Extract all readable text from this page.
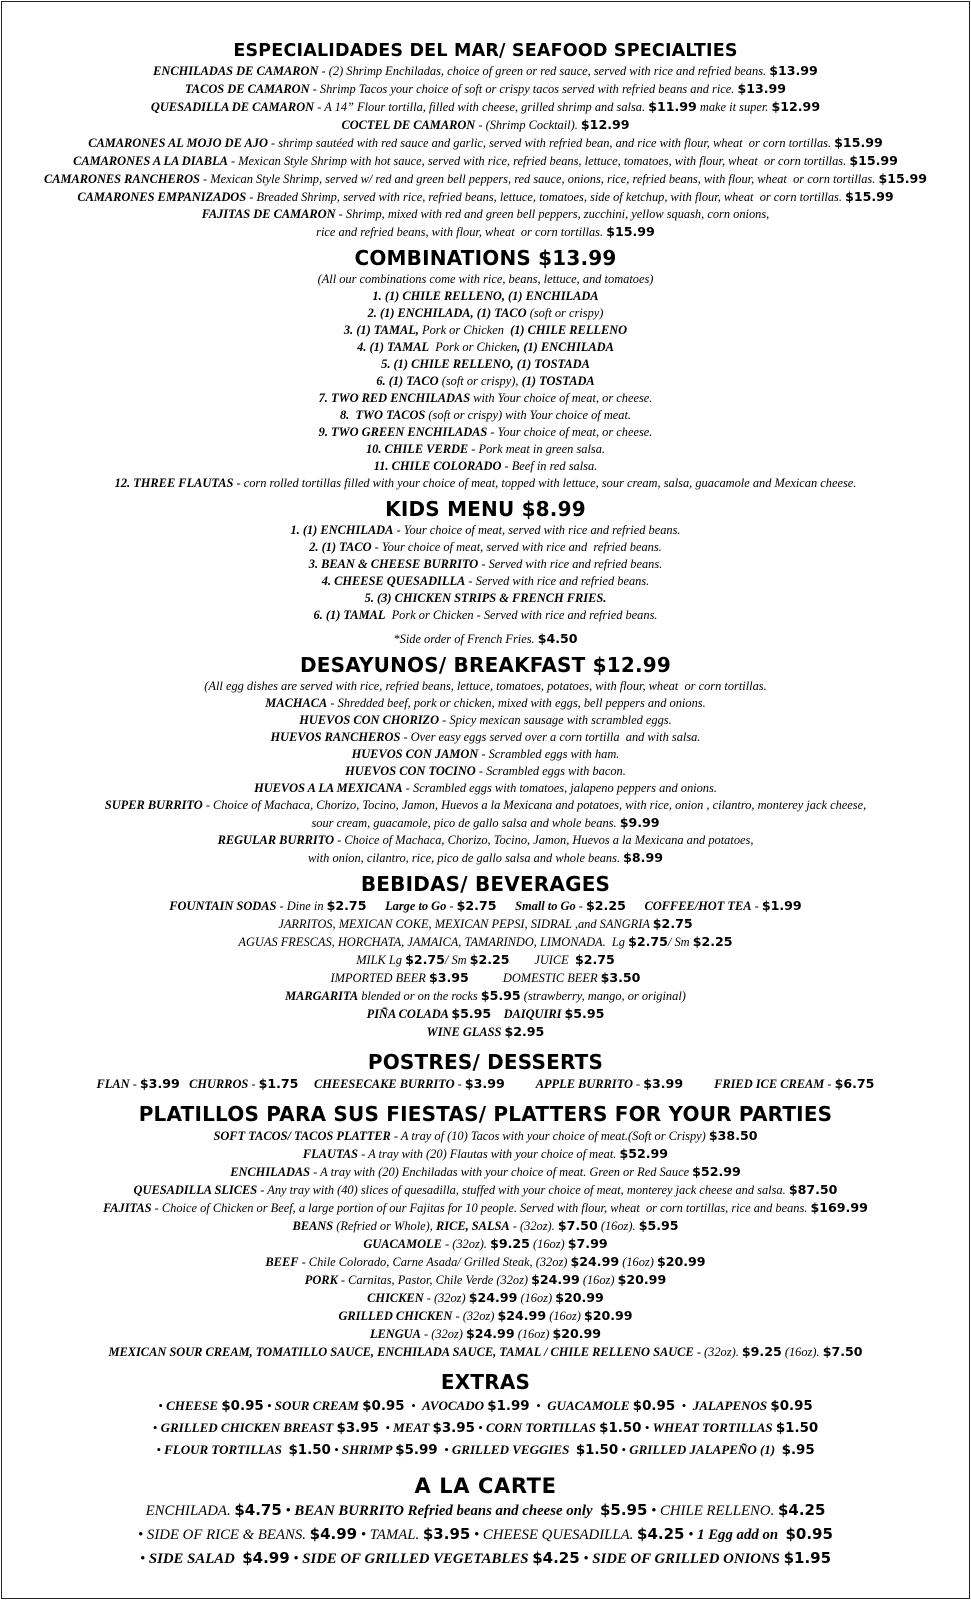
ESPECIALIDADES DEL MAR/ SEAFOOD SPECIALTIES

ENCHILADAS DE CAMARON - (2) Shrimp Enchiladas, choice of green or red sauce, served with rice and refried beans. $13.99

TACOS DE CAMARON - Shrimp Tacos your choice of soft or crispy tacos served with refried beans and rice. $13.99

QUESADILLA DE CAMARON - A 14” Flour tortilla, filled with cheese, grilled shrimp and salsa. $11.99 make it super. $12.99

COCTEL DE CAMARON - (Shrimp Cocktail). $12.99

CAMARONES AL MOJO DE AJO - shrimp sautéed with red sauce and garlic, served with refried bean, and rice with flour, wheat  or corn tortillas. $15.99

CAMARONES A LA DIABLA - Mexican Style Shrimp with hot sauce, served with rice, refried beans, lettuce, tomatoes, with flour, wheat  or corn tortillas. $15.99

CAMARONES RANCHEROS - Mexican Style Shrimp, served w/ red and green bell peppers, red sauce, onions, rice, refried beans, with flour, wheat  or corn tortillas. $15.99

CAMARONES EMPANIZADOS - Breaded Shrimp, served with rice, refried beans, lettuce, tomatoes, side of ketchup, with flour, wheat  or corn tortillas. $15.99

FAJITAS DE CAMARON - Shrimp, mixed with red and green bell peppers, zucchini, yellow squash, corn onions,

rice and refried beans, with flour, wheat  or corn tortillas. $15.99

COMBINATIONS $13.99

(All our combinations come with rice, beans, lettuce, and tomatoes)

1. (1) CHILE RELLENO, (1) ENCHILADA

2. (1) ENCHILADA, (1) TACO (soft or crispy)

3. (1) TAMAL, Pork or Chicken  (1) CHILE RELLENO

4. (1) TAMAL  Pork or Chicken, (1) ENCHILADA

5. (1) CHILE RELLENO, (1) TOSTADA

6. (1) TACO (soft or crispy), (1) TOSTADA

7. TWO RED ENCHILADAS with Your choice of meat, or cheese.

8.  TWO TACOS (soft or crispy) with Your choice of meat.

9. TWO GREEN ENCHILADAS - Your choice of meat, or cheese.

10. CHILE VERDE - Pork meat in green salsa.

11. CHILE COLORADO - Beef in red salsa.

12. THREE FLAUTAS - corn rolled tortillas filled with your choice of meat, topped with lettuce, sour cream, salsa, guacamole and Mexican cheese.

KIDS MENU $8.99

1. (1) ENCHILADA - Your choice of meat, served with rice and refried beans.

2. (1) TACO - Your choice of meat, served with rice and  refried beans.

3. BEAN & CHEESE BURRITO - Served with rice and refried beans.

4. CHEESE QUESADILLA - Served with rice and refried beans.

5. (3) CHICKEN STRIPS & FRENCH FRIES.

6. (1) TAMAL  Pork or Chicken - Served with rice and refried beans.

*Side order of French Fries. $4.50

DESAYUNOS/ BREAKFAST $12.99

(All egg dishes are served with rice, refried beans, lettuce, tomatoes, potatoes, with flour, wheat  or corn tortillas.

MACHACA - Shredded beef, pork or chicken, mixed with eggs, bell peppers and onions.

HUEVOS CON CHORIZO - Spicy mexican sausage with scrambled eggs.

HUEVOS RANCHEROS - Over easy eggs served over a corn tortilla  and with salsa.

HUEVOS CON JAMON - Scrambled eggs with ham.

HUEVOS CON TOCINO - Scrambled eggs with bacon.

HUEVOS A LA MEXICANA - Scrambled eggs with tomatoes, jalapeno peppers and onions.

SUPER BURRITO - Choice of Machaca, Chorizo, Tocino, Jamon, Huevos a la Mexicana and potatoes, with rice, onion , cilantro, monterey jack cheese,

sour cream, guacamole, pico de gallo salsa and whole beans. $9.99

REGULAR BURRITO - Choice of Machaca, Chorizo, Tocino, Jamon, Huevos a la Mexicana and potatoes,

with onion, cilantro, rice, pico de gallo salsa and whole beans. $8.99

BEBIDAS/ BEVERAGES

FOUNTAIN SODAS - Dine in $2.75 Large to Go - $2.75 Small to Go - $2.25 COFFEE/HOT TEA - $1.99

JARRITOS, MEXICAN COKE, MEXICAN PEPSI, SIDRAL ,and SANGRIA $2.75

AGUAS FRESCAS, HORCHATA, JAMAICA, TAMARINDO, LIMONADA.  Lg $2.75/ Sm $2.25

MILK Lg $2.75/ Sm $2.25        JUICE  $2.75

IMPORTED BEER $3.95           DOMESTIC BEER $3.50

MARGARITA blended or on the rocks $5.95 (strawberry, mango, or original)

PIÑA COLADA $5.95 DAIQUIRI $5.95

WINE GLASS $2.95

POSTRES/ DESSERTS

FLAN - $3.99 CHURROS - $1.75 CHEESECAKE BURRITO - $3.99 APPLE BURRITO - $3.99 FRIED ICE CREAM - $6.75

PLATILLOS PARA SUS FIESTAS/ PLATTERS FOR YOUR PARTIES

SOFT TACOS/ TACOS PLATTER - A tray of (10) Tacos with your choice of meat.(Soft or Crispy) $38.50

FLAUTAS - A tray with (20) Flautas with your choice of meat. $52.99

ENCHILADAS - A tray with (20) Enchiladas with your choice of meat. Green or Red Sauce $52.99

QUESADILLA SLICES - Any tray with (40) slices of quesadilla, stuffed with your choice of meat, monterey jack cheese and salsa. $87.50

FAJITAS - Choice of Chicken or Beef, a large portion of our Fajitas for 10 people. Served with flour, wheat  or corn tortillas, rice and beans. $169.99

BEANS (Refried or Whole), RICE, SALSA - (32oz). $7.50 (16oz). $5.95

GUACAMOLE - (32oz). $9.25 (16oz) $7.99

BEEF - Chile Colorado, Carne Asada/ Grilled Steak, (32oz) $24.99 (16oz) $20.99

PORK - Carnitas, Pastor, Chile Verde (32oz) $24.99 (16oz) $20.99

CHICKEN - (32oz) $24.99 (16oz) $20.99

GRILLED CHICKEN - (32oz) $24.99 (16oz) $20.99

LENGUA - (32oz) $24.99 (16oz) $20.99

MEXICAN SOUR CREAM, TOMATILLO SAUCE, ENCHILADA SAUCE, TAMAL / CHILE RELLENO SAUCE - (32oz). $9.25 (16oz). $7.50

EXTRAS

• CHEESE $0.95 • SOUR CREAM $0.95  •  AVOCADO $1.99  •  GUACAMOLE $0.95  •  JALAPENOS $0.95

• GRILLED CHICKEN BREAST $3.95  • MEAT $3.95 • CORN TORTILLAS $1.50 • WHEAT TORTILLAS $1.50

• FLOUR TORTILLAS  $1.50 • SHRIMP $5.99  • GRILLED VEGGIES  $1.50 • GRILLED JALAPEÑO (1)  $.95

A LA CARTE

ENCHILADA. $4.75 • BEAN BURRITO Refried beans and cheese only  $5.95 • CHILE RELLENO. $4.25

• SIDE OF RICE & BEANS. $4.99 • TAMAL. $3.95 • CHEESE QUESADILLA. $4.25 • 1 Egg add on  $0.95

• SIDE SALAD  $4.99 • SIDE OF GRILLED VEGETABLES $4.25 • SIDE OF GRILLED ONIONS $1.95
